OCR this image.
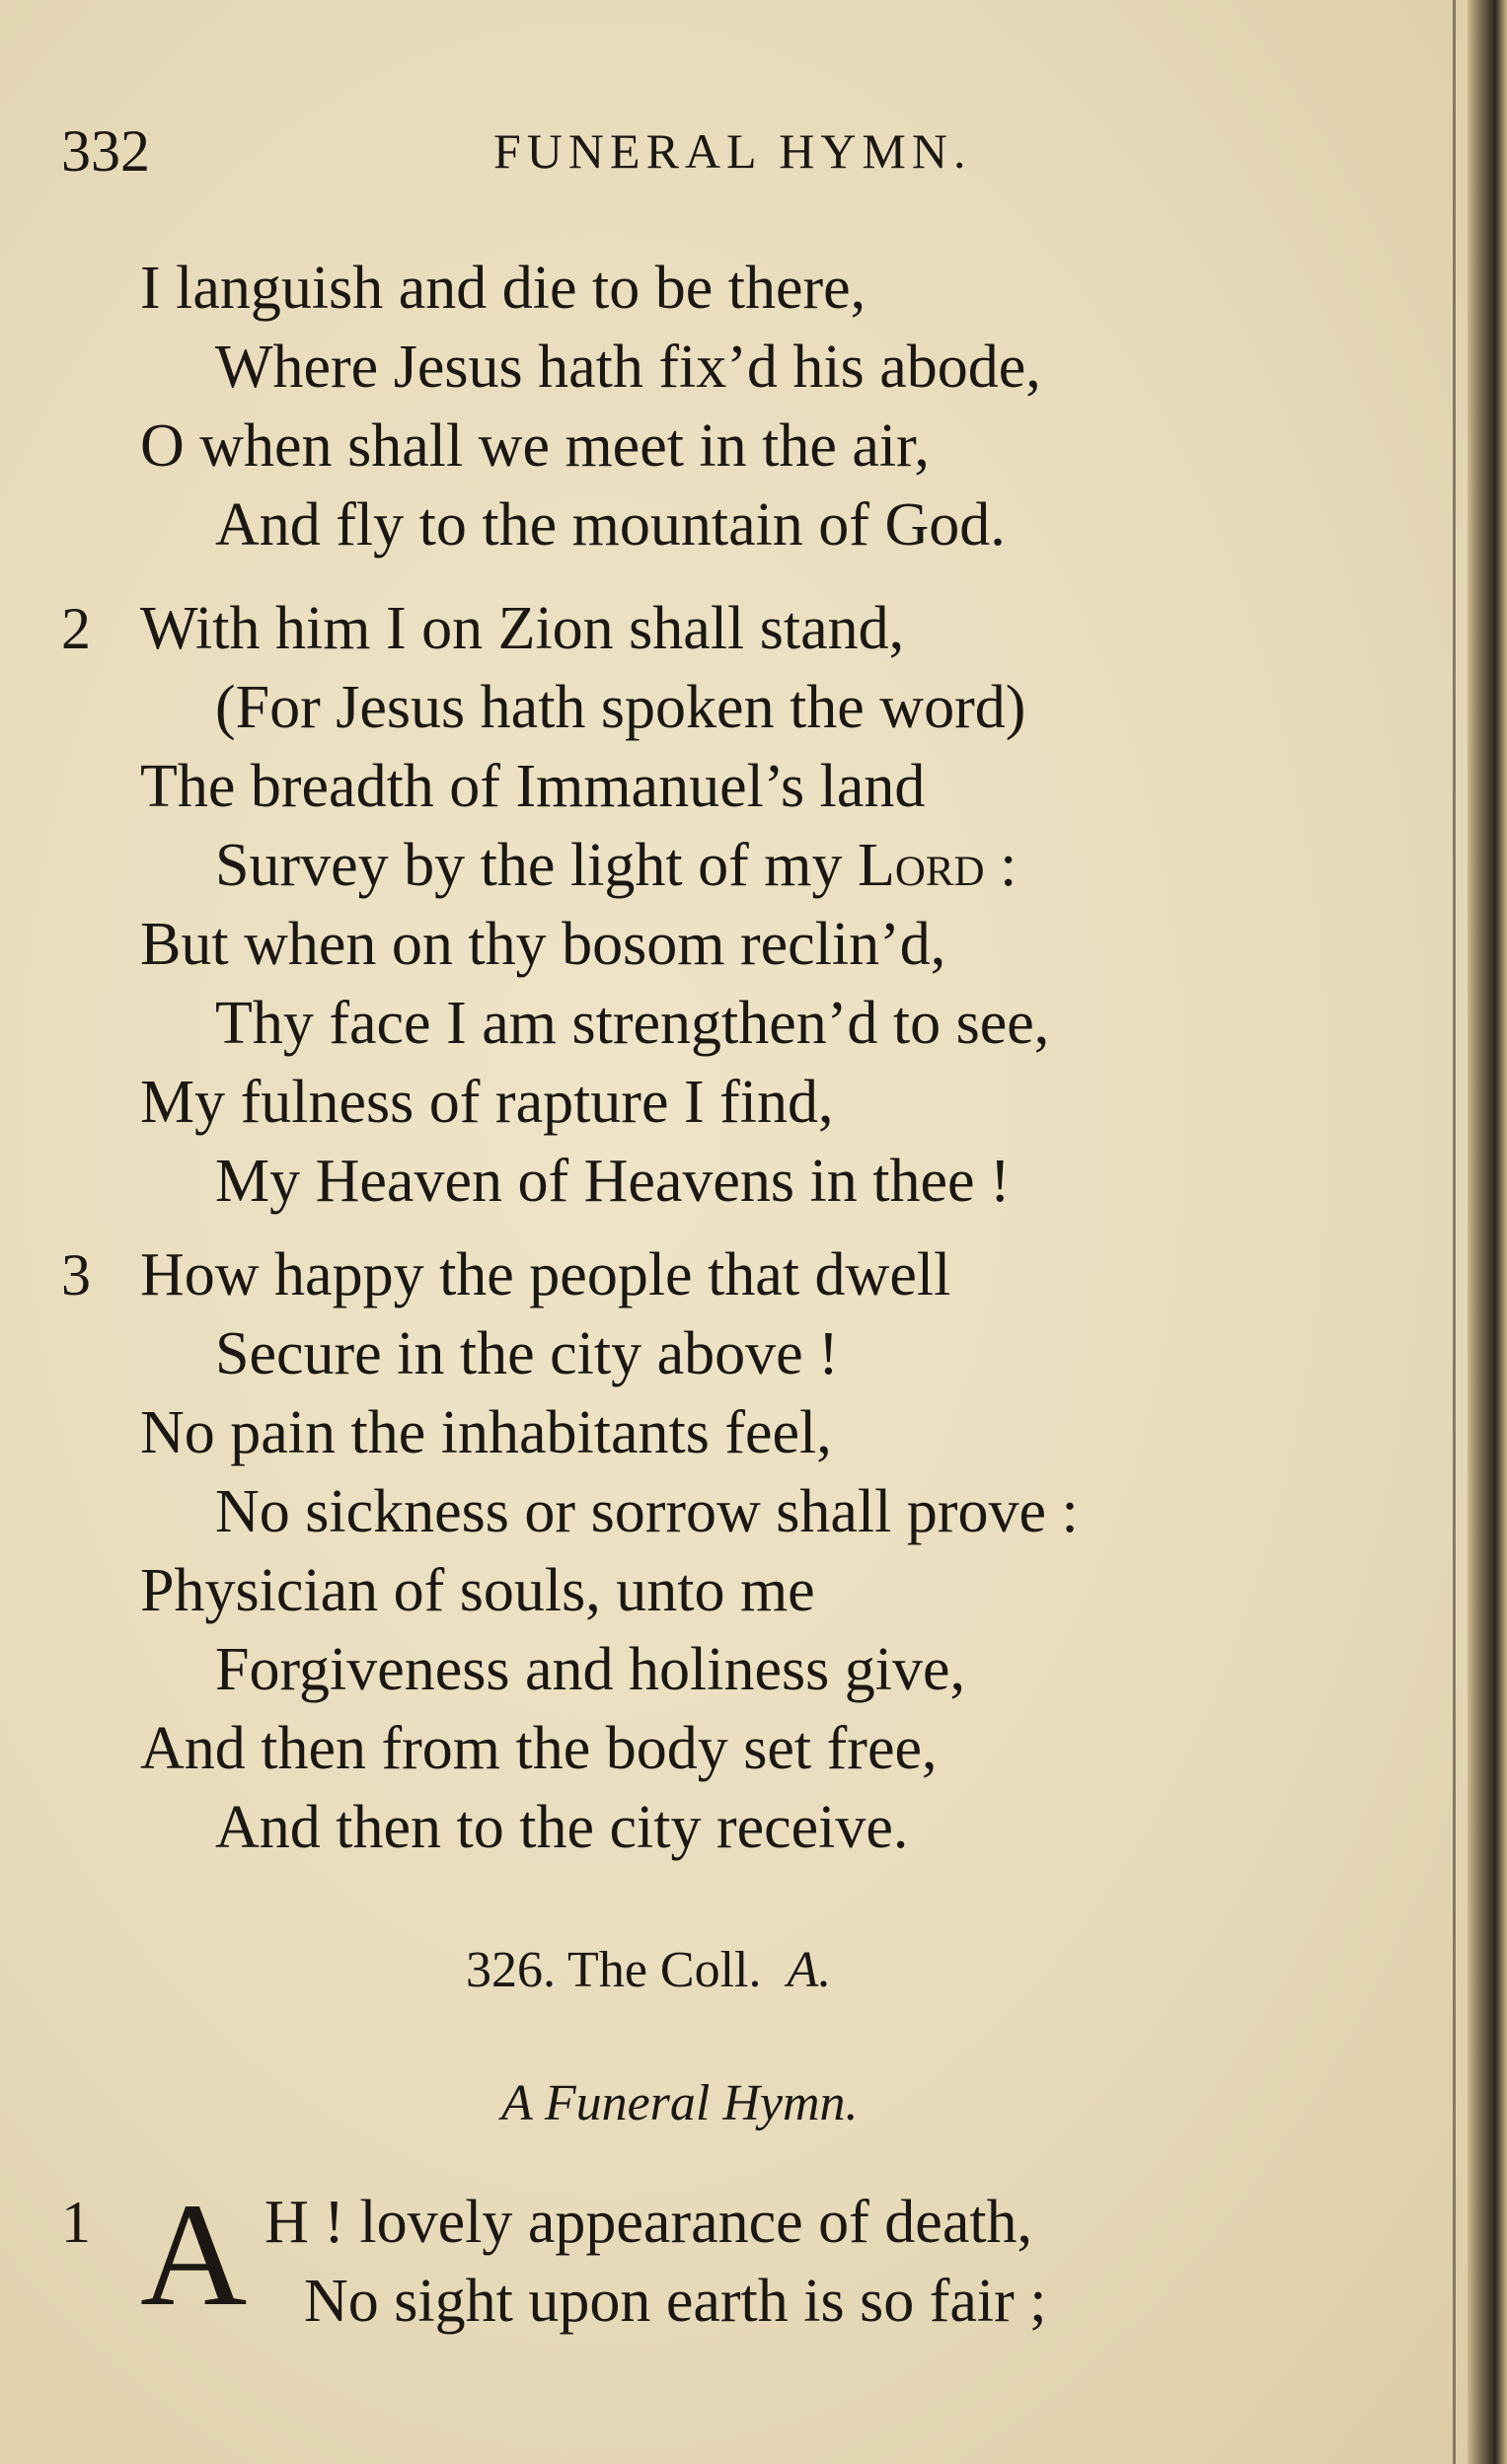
332	FUNERAL HYMN.
I languish and die to be there,
Where Jesus hath fix’d his abode,
O when shall we meet in the air,
And fly to the mountain of God.
2 With him I on Zion shall stand,
(For Jesus hath spoken the word)
The breadth of Immanuel’s land
Survey by the light of my Lord :
But when on thy bosom reclin’d,
Thy face I am strengthen’d to see,
My fulness of rapture I find,
My Heaven of Heavens in thee !
3 How happy the people that dwell
Secure in the city above !
No pain the inhabitants feel,
No sickness or sorrow shall prove :
Physician of souls, unto me
Forgiveness and holiness give,
And then from the body set free,
And then to the city receive.
326. The Coll. A.
A Funeral Hymn.
1 A H ! lovely appearance of death,
No sight upon earth is so fair ;
